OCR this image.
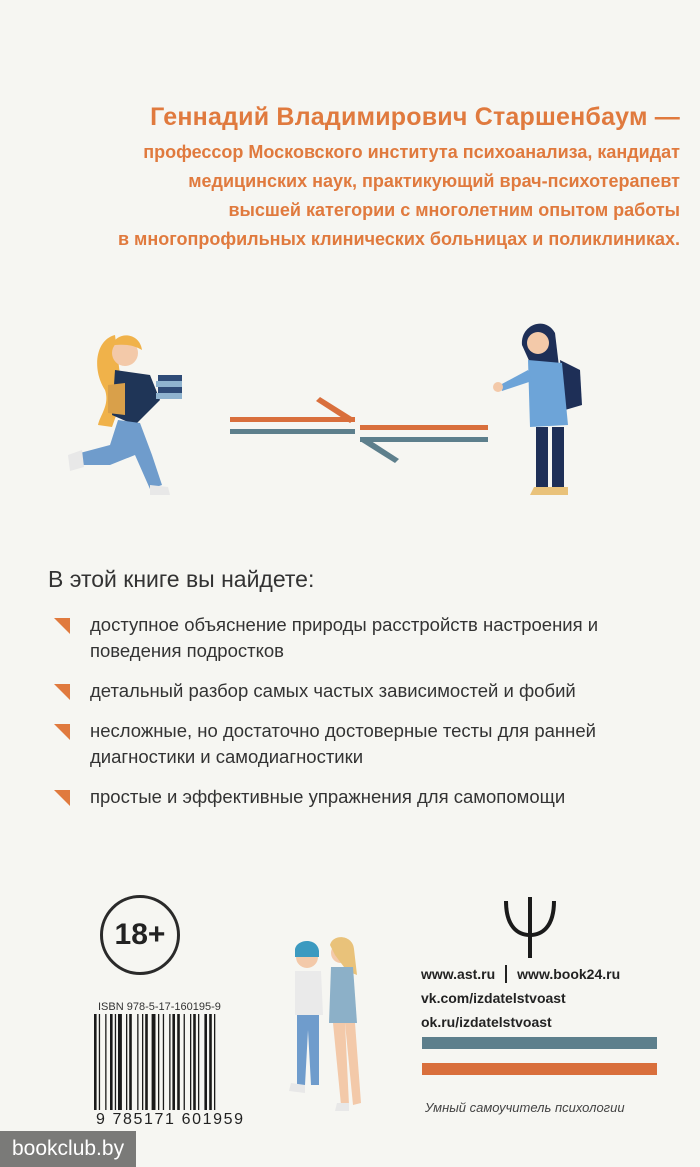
Геннадий Владимирович Старшенбаум —
профессор Московского института психоанализа, кандидат
медицинских наук, практикующий врач-психотерапевт
высшей категории с многолетним опытом работы
в многопрофильных клинических больницах и поликлиниках.
В этой книге вы найдете:
доступное объяснение природы расстройств настроения и поведения подростков
детальный разбор самых частых зависимостей и фобий
несложные, но достаточно достоверные тесты для ранней диагностики и самодиагностики
простые и эффективные упражнения для самопомощи
18+
ISBN 978-5-17-160195-9
9 785171 601959
www.ast.ru www.book24.ru
vk.com/izdatelstvoast
ok.ru/izdatelstvoast
Умный самоучитель психологии
bookclub.by
